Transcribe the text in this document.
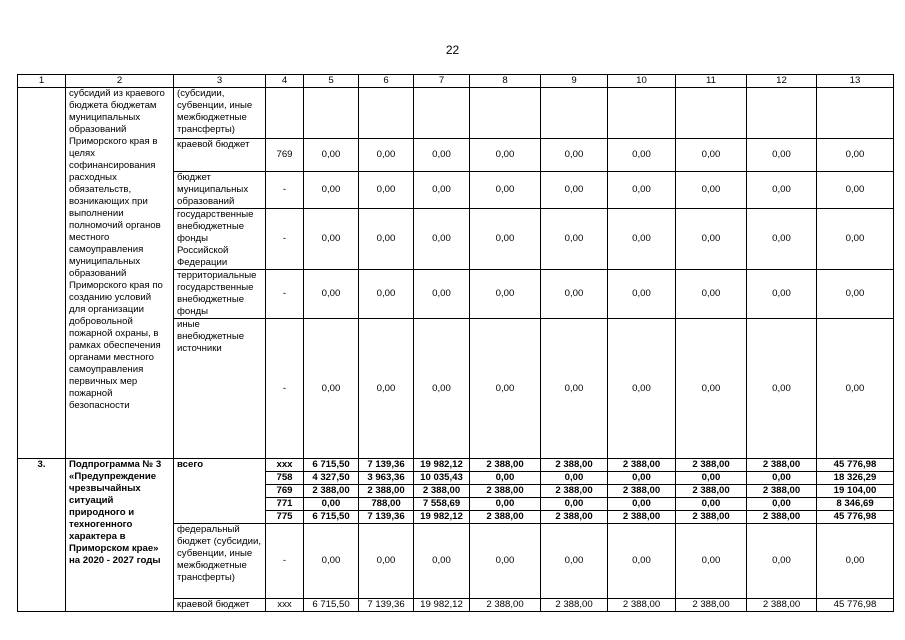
22
1	2	3	4	5	6	7	8	9	10	11	12	13
	субсидий из краевого бюджета бюджетам муниципальных образований Приморского края в целях софинансирования расходных обязательств, возникающих при выполнении полномочий органов местного самоуправления муниципальных образований Приморского края по созданию условий для организации добровольной пожарной охраны, в рамках обеспечения органами местного самоуправления первичных мер пожарной безопасности	(субсидии, субвенции, иные межбюджетные трансферты)										
		краевой бюджет	769	0,00	0,00	0,00	0,00	0,00	0,00	0,00	0,00	0,00
		бюджет муниципальных образований	-	0,00	0,00	0,00	0,00	0,00	0,00	0,00	0,00	0,00
		государственные внебюджетные фонды Российской Федерации	-	0,00	0,00	0,00	0,00	0,00	0,00	0,00	0,00	0,00
		территориальные государственные внебюджетные фонды	-	0,00	0,00	0,00	0,00	0,00	0,00	0,00	0,00	0,00
		иные внебюджетные источники	-	0,00	0,00	0,00	0,00	0,00	0,00	0,00	0,00	0,00
3.	Подпрограмма № 3 «Предупреждение чрезвычайных ситуаций природного и техногенного характера в Приморском крае» на 2020 - 2027 годы	всего	xxx	6 715,50	7 139,36	19 982,12	2 388,00	2 388,00	2 388,00	2 388,00	2 388,00	45 776,98
			758	4 327,50	3 963,36	10 035,43	0,00	0,00	0,00	0,00	0,00	18 326,29
			769	2 388,00	2 388,00	2 388,00	2 388,00	2 388,00	2 388,00	2 388,00	2 388,00	19 104,00
			771	0,00	788,00	7 558,69	0,00	0,00	0,00	0,00	0,00	8 346,69
			775	6 715,50	7 139,36	19 982,12	2 388,00	2 388,00	2 388,00	2 388,00	2 388,00	45 776,98
		федеральный бюджет (субсидии, субвенции, иные межбюджетные трансферты)	-	0,00	0,00	0,00	0,00	0,00	0,00	0,00	0,00	0,00
		краевой бюджет	xxx	6 715,50	7 139,36	19 982,12	2 388,00	2 388,00	2 388,00	2 388,00	2 388,00	45 776,98
